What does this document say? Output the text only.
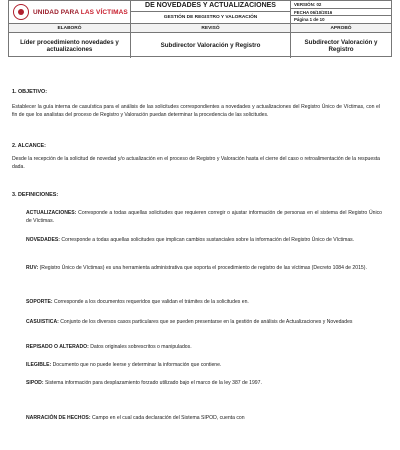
UNIDAD PARA LAS VÍCTIMAS
DE NOVEDADES Y ACTUALIZACIONES
GESTIÓN DE REGISTRO Y VALORACIÓN
VERSIÓN: 02
FECHA 06/10/2016
Página 1 de 10
ELABORÓ	REVISÓ	APROBÓ
Líder procedimiento novedades y actualizaciones	Subdirector Valoración y Registro	Subdirector Valoración y Registro
1. OBJETIVO:
Establecer la guía interna de casuística para el análisis de las solicitudes correspondientes a novedades y actualizaciones del Registro Único de Víctimas, con el fin de que los analistas del proceso de Registro y Valoración puedan determinar la procedencia de las solicitudes.
2. ALCANCE:
Desde la recepción de la solicitud de novedad y/o actualización en el proceso de Registro y Valoración hasta el cierre del caso o retroalimentación de la respuesta dada.
3. DEFINICIONES:
ACTUALIZACIONES: Corresponde a todas aquellas solicitudes que requieren corregir o ajustar información de personas en el sistema del Registro Único de Víctimas.
NOVEDADES: Corresponde a todas aquellas solicitudes que implican cambios sustanciales sobre la información del Registro Único de Víctimas.
RUV: (Registro Único de Víctimas) es una herramienta administrativa que soporta el procedimiento de registro de las víctimas (Decreto 1084 de 2015).
SOPORTE: Corresponde a los documentos requeridos que validan el trámites de la solicitudes en.
CASUISTICA: Conjunto de los diversos casos particulares que se pueden presentarse en la gestión de análisis de Actualizaciones y Novedades
REPISADO O ALTERADO: Datos originales sobrescritos o manipulados.
ILEGIBLE: Documento que no puede leerse y determinar la información que contiene.
SIPOD: Sistema información para desplazamiento forzado utilizado bajo el marco de la ley 387 de 1997.
NARRACIÓN DE HECHOS: Campo en el cual cada declaración del Sistema SIPOD, cuenta con
